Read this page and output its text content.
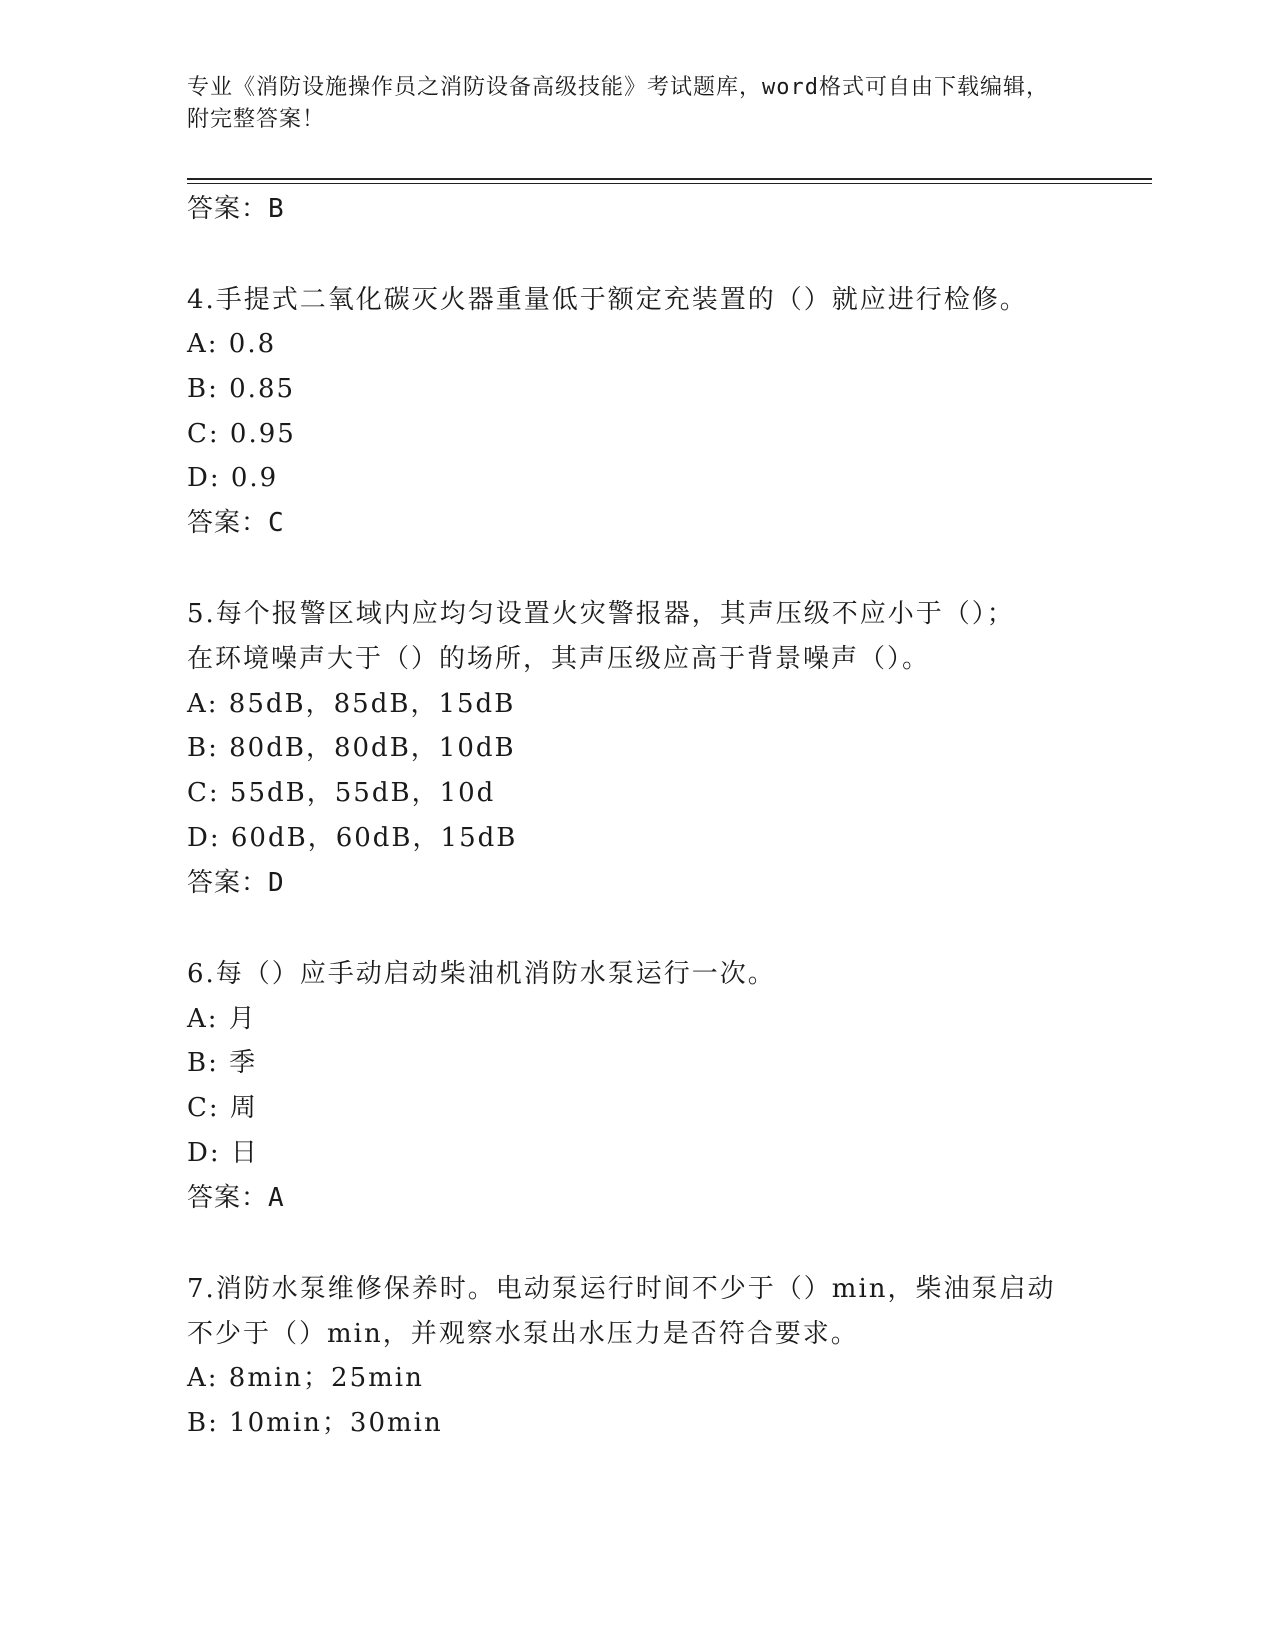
专业《消防设施操作员之消防设备高级技能》考试题库，word格式可自由下载编辑，附完整答案！
答案：B
4.手提式二氧化碳灭火器重量低于额定充装置的（）就应进行检修。
A: 0.8
B: 0.85
C: 0.95
D: 0.9
答案：C
5.每个报警区域内应均匀设置火灾警报器，其声压级不应小于（）；
在环境噪声大于（）的场所，其声压级应高于背景噪声（）。
A: 85dB，85dB，15dB
B: 80dB，80dB，10dB
C: 55dB，55dB，10d
D: 60dB，60dB，15dB
答案：D
6.每（）应手动启动柴油机消防水泵运行一次。
A: 月
B: 季
C: 周
D: 日
答案：A
7.消防水泵维修保养时。电动泵运行时间不少于（）min，柴油泵启动
不少于（）min，并观察水泵出水压力是否符合要求。
A: 8min；25min
B: 10min；30min
